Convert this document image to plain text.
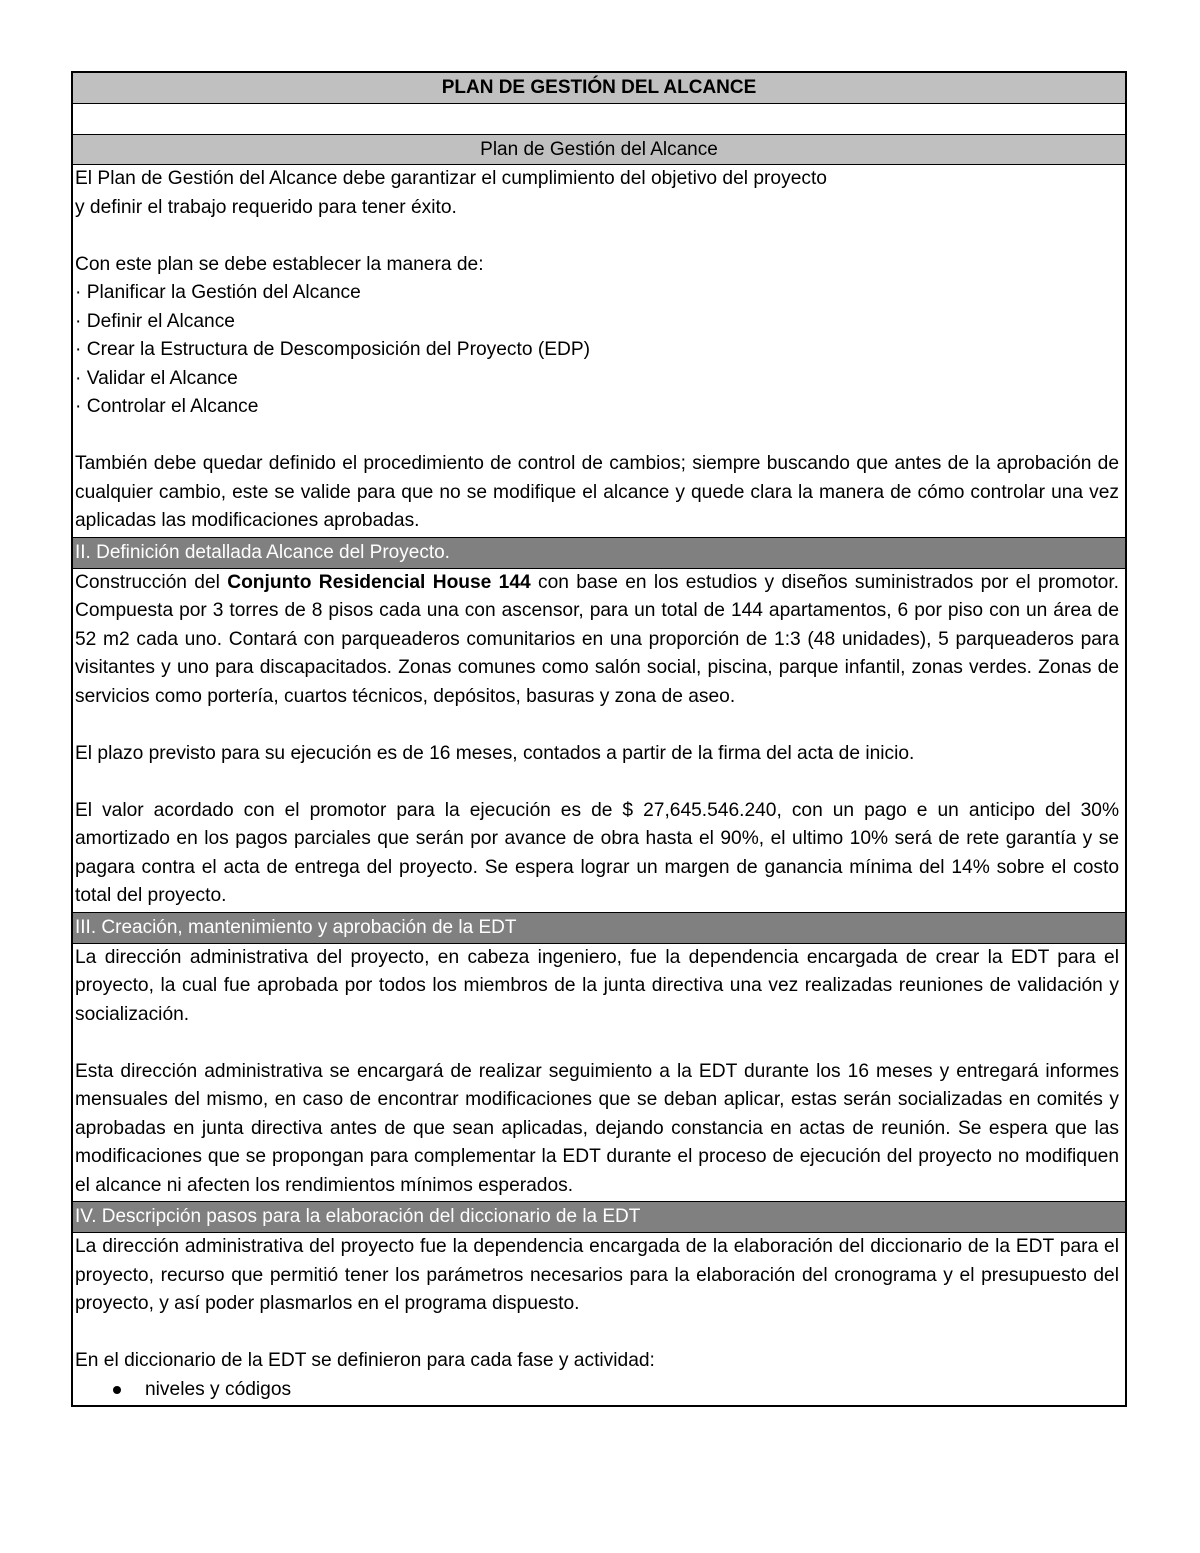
PLAN DE GESTIÓN DEL ALCANCE
Plan de Gestión del Alcance

El Plan de Gestión del Alcance debe garantizar el cumplimiento del objetivo del proyecto

y definir el trabajo requerido para tener éxito.

Con este plan se debe establecer la manera de:

· Planificar la Gestión del Alcance

· Definir el Alcance

· Crear la Estructura de Descomposición del Proyecto (EDP)

· Validar el Alcance

· Controlar el Alcance

También debe quedar definido el procedimiento de control de cambios; siempre buscando que antes de la aprobación de cualquier cambio, este se valide para que no se modifique el alcance y quede clara la manera de cómo controlar una vez aplicadas las modificaciones aprobadas.

II. Definición detallada Alcance del Proyecto.

Construcción del Conjunto Residencial House 144 con base en los estudios y diseños suministrados por el promotor. Compuesta por 3 torres de 8 pisos cada una con ascensor, para un total de 144 apartamentos, 6 por piso con un área de 52 m2 cada uno. Contará con parqueaderos comunitarios en una proporción de 1:3 (48 unidades), 5 parqueaderos para visitantes y uno para discapacitados. Zonas comunes como salón social, piscina, parque infantil, zonas verdes. Zonas de servicios como portería, cuartos técnicos, depósitos, basuras y zona de aseo.

El plazo previsto para su ejecución es de 16 meses, contados a partir de la firma del acta de inicio.

El valor acordado con el promotor para la ejecución es de $ 27,645.546.240, con un pago e un anticipo del 30% amortizado en los pagos parciales que serán por avance de obra hasta el 90%, el ultimo 10% será de rete garantía y se pagara contra el acta de entrega del proyecto. Se espera lograr un margen de ganancia mínima del 14% sobre el costo total del proyecto.

III. Creación, mantenimiento y aprobación de la EDT

La dirección administrativa del proyecto, en cabeza ingeniero, fue la dependencia encargada de crear la EDT para el proyecto, la cual fue aprobada por todos los miembros de la junta directiva una vez realizadas reuniones de validación y socialización.

Esta dirección administrativa se encargará de realizar seguimiento a la EDT durante los 16 meses y entregará informes mensuales del mismo, en caso de encontrar modificaciones que se deban aplicar, estas serán socializadas en comités y aprobadas en junta directiva antes de que sean aplicadas, dejando constancia en actas de reunión. Se espera que las modificaciones que se propongan para complementar la EDT durante el proceso de ejecución del proyecto no modifiquen el alcance ni afecten los rendimientos mínimos esperados.

IV. Descripción pasos para la elaboración del diccionario de la EDT

La dirección administrativa del proyecto fue la dependencia encargada de la elaboración del diccionario de la EDT para el proyecto, recurso que permitió tener los parámetros necesarios para la elaboración del cronograma y el presupuesto del proyecto, y así poder plasmarlos en el programa dispuesto.

En el diccionario de la EDT se definieron para cada fase y actividad:

niveles y códigos
